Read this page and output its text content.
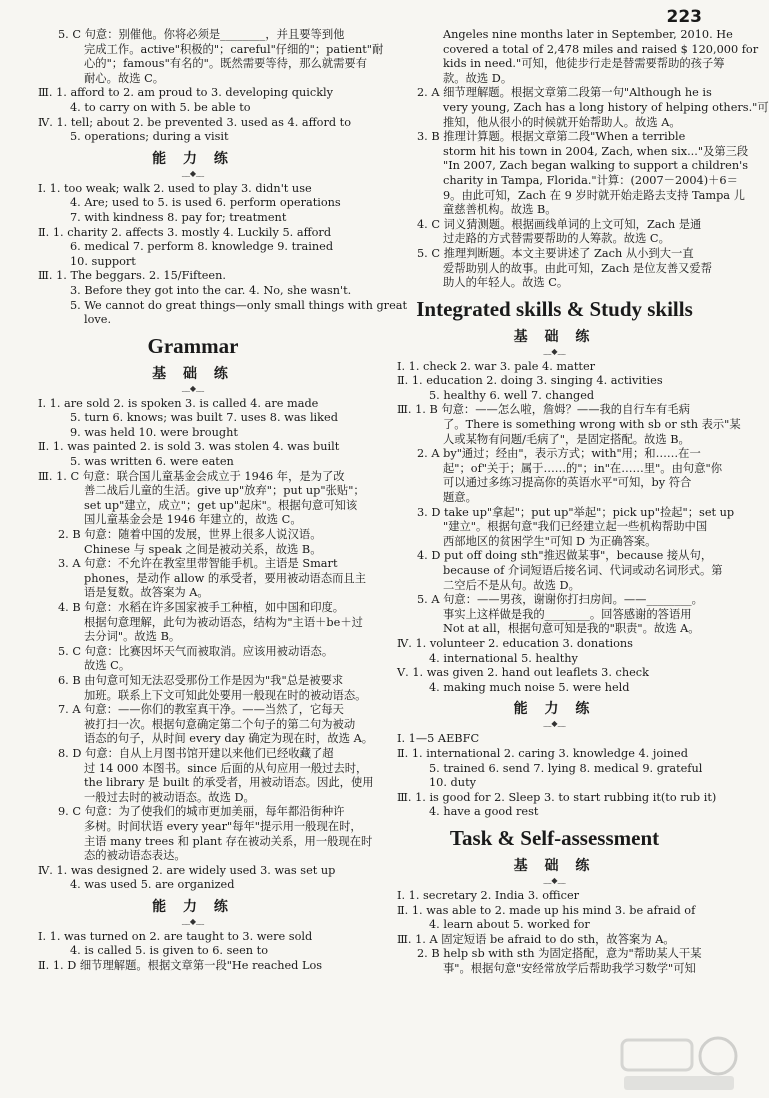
223
5. C 句意：别催他。你将必须是________，并且要等到他
完成工作。active"积极的"；careful"仔细的"；patient"耐
心的"；famous"有名的"。既然需要等待，那么就需要有
耐心。故选 C。
Ⅲ. 1. afford to 2. am proud to 3. developing quickly
4. to carry on with 5. be able to
Ⅳ. 1. tell; about 2. be prevented 3. used as 4. afford to
5. operations; during a visit
能 力 练
﹏◆﹏
Ⅰ. 1. too weak; walk 2. used to play 3. didn't use
4. Are; used to 5. is used 6. perform operations
7. with kindness 8. pay for; treatment
Ⅱ. 1. charity 2. affects 3. mostly 4. Luckily 5. afford
6. medical 7. perform 8. knowledge 9. trained
10. support
Ⅲ. 1. The beggars. 2. 15/Fifteen.
3. Before they got into the car. 4. No, she wasn't.
5. We cannot do great things—only small things with great
love.
Grammar
基 础 练
﹏◆﹏
Ⅰ. 1. are sold 2. is spoken 3. is called 4. are made
5. turn 6. knows; was built 7. uses 8. was liked
9. was held 10. were brought
Ⅱ. 1. was painted 2. is sold 3. was stolen 4. was built
5. was written 6. were eaten
Ⅲ. 1. C 句意：联合国儿童基金会成立于 1946 年，是为了改
善二战后儿童的生活。give up"放弃"；put up"张贴"；
set up"建立，成立"；get up"起床"。根据句意可知该
国儿童基金会是 1946 年建立的，故选 C。
2. B 句意：随着中国的发展，世界上很多人说汉语。
Chinese 与 speak 之间是被动关系，故选 B。
3. A 句意：不允许在教室里带智能手机。主语是 Smart
phones，是动作 allow 的承受者，要用被动语态而且主
语是复数。故答案为 A。
4. B 句意：水稻在许多国家被手工种植，如中国和印度。
根据句意理解，此句为被动语态，结构为"主语＋be＋过
去分词"。故选 B。
5. C 句意：比赛因坏天气而被取消。应该用被动语态。
故选 C。
6. B 由句意可知无法忍受那份工作是因为"我"总是被要求
加班。联系上下文可知此处要用一般现在时的被动语态。
7. A 句意：——你们的教室真干净。——当然了，它每天
被打扫一次。根据句意确定第二个句子的第二句为被动
语态的句子，从时间 every day 确定为现在时，故选 A。
8. D 句意：自从上月图书馆开建以来他们已经收藏了超
过 14 000 本图书。since 后面的从句应用一般过去时，
the library 是 built 的承受者，用被动语态。因此，使用
一般过去时的被动语态。故选 D。
9. C 句意：为了使我们的城市更加美丽，每年都沿街种许
多树。时间状语 every year"每年"提示用一般现在时，
主语 many trees 和 plant 存在被动关系，用一般现在时
态的被动语态表达。
Ⅳ. 1. was designed 2. are widely used 3. was set up
4. was used 5. are organized
能 力 练
﹏◆﹏
Ⅰ. 1. was turned on 2. are taught to 3. were sold
4. is called 5. is given to 6. seen to
Ⅱ. 1. D 细节理解题。根据文章第一段"He reached Los
Angeles nine months later in September, 2010. He
covered a total of 2,478 miles and raised $ 120,000 for
kids in need."可知，他徒步行走是替需要帮助的孩子筹
款。故选 D。
2. A 细节理解题。根据文章第二段第一句"Although he is
very young, Zach has a long history of helping others."可
推知，他从很小的时候就开始帮助人。故选 A。
3. B 推理计算题。根据文章第二段"When a terrible
storm hit his town in 2004, Zach, when six..."及第三段
"In 2007, Zach began walking to support a children's
charity in Tampa, Florida."计算：(2007－2004)＋6＝
9。由此可知，Zach 在 9 岁时就开始走路去支持 Tampa 儿
童慈善机构。故选 B。
4. C 词义猜测题。根据画线单词的上文可知，Zach 是通
过走路的方式替需要帮助的人筹款。故选 C。
5. C 推理判断题。本文主要讲述了 Zach 从小到大一直
爱帮助别人的故事。由此可知，Zach 是位友善又爱帮
助人的年轻人。故选 C。
Integrated skills & Study skills
基 础 练
﹏◆﹏
Ⅰ. 1. check 2. war 3. pale 4. matter
Ⅱ. 1. education 2. doing 3. singing 4. activities
5. healthy 6. well 7. changed
Ⅲ. 1. B 句意：——怎么啦，詹姆？——我的自行车有毛病
了。There is something wrong with sb or sth 表示"某
人或某物有问题/毛病了"，是固定搭配。故选 B。
2. A by"通过；经由"，表示方式；with"用；和……在一
起"；of"关于；属于……的"；in"在……里"。由句意"你
可以通过多练习提高你的英语水平"可知，by 符合
题意。
3. D take up"拿起"；put up"举起"；pick up"捡起"；set up
"建立"。根据句意"我们已经建立起一些机构帮助中国
西部地区的贫困学生"可知 D 为正确答案。
4. D put off doing sth"推迟做某事"，because 接从句，
because of 介词短语后接名词、代词或动名词形式。第
二空后不是从句。故选 D。
5. A 句意：——男孩，谢谢你打扫房间。——________。
事实上这样做是我的________。回答感谢的答语用
Not at all，根据句意可知是我的"职责"。故选 A。
Ⅳ. 1. volunteer 2. education 3. donations
4. international 5. healthy
Ⅴ. 1. was given 2. hand out leaflets 3. check
4. making much noise 5. were held
能 力 练
﹏◆﹏
Ⅰ. 1—5 AEBFC
Ⅱ. 1. international 2. caring 3. knowledge 4. joined
5. trained 6. send 7. lying 8. medical 9. grateful
10. duty
Ⅲ. 1. is good for 2. Sleep 3. to start rubbing it(to rub it)
4. have a good rest
Task & Self-assessment
基 础 练
﹏◆﹏
Ⅰ. 1. secretary 2. India 3. officer
Ⅱ. 1. was able to 2. made up his mind 3. be afraid of
4. learn about 5. worked for
Ⅲ. 1. A 固定短语 be afraid to do sth，故答案为 A。
2. B help sb with sth 为固定搭配，意为"帮助某人干某
事"。根据句意"安经常放学后帮助我学习数学"可知
